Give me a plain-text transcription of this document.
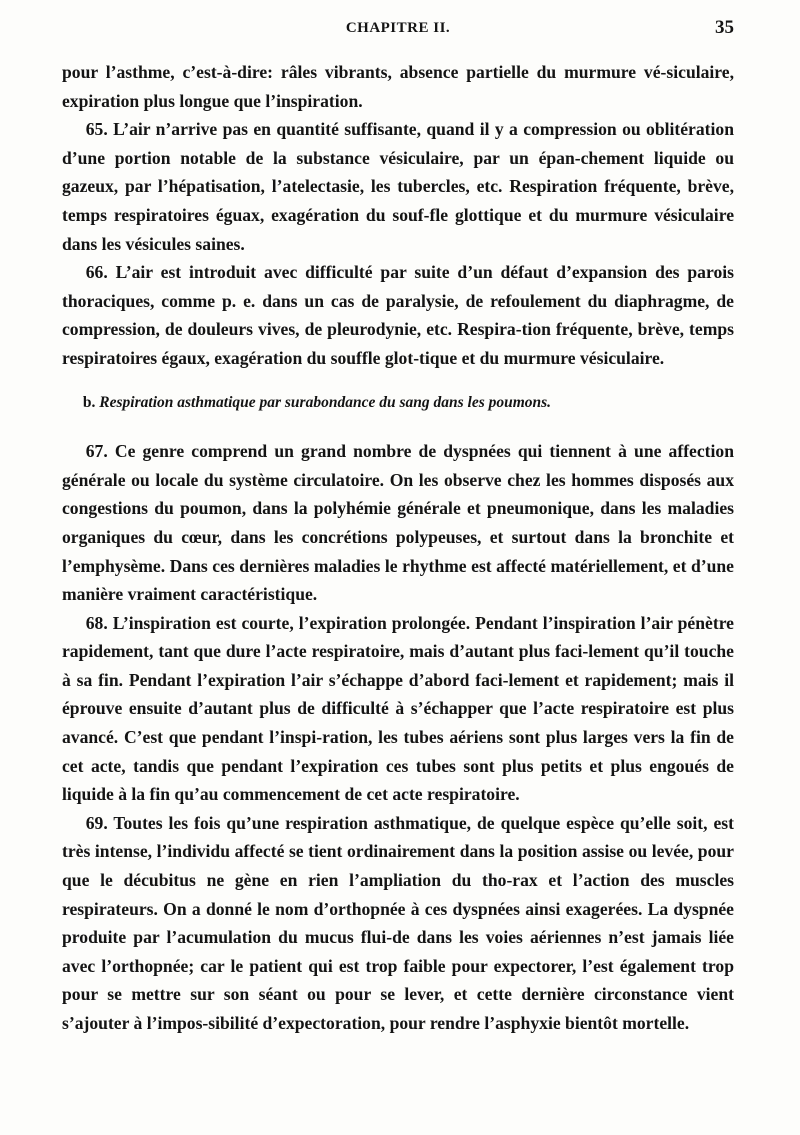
CHAPITRE II.	35

pour l’asthme, c’est-à-dire: râles vibrants, absence partielle du murmure vé-siculaire, expiration plus longue que l’inspiration.

65. L’air n’arrive pas en quantité suffisante, quand il y a compression ou oblitération d’une portion notable de la substance vésiculaire, par un épan-chement liquide ou gazeux, par l’hépatisation, l’atelectasie, les tubercles, etc. Respiration fréquente, brève, temps respiratoires éguax, exagération du souf-fle glottique et du murmure vésiculaire dans les vésicules saines.

66. L’air est introduit avec difficulté par suite d’un défaut d’expansion des parois thoraciques, comme p. e. dans un cas de paralysie, de refoulement du diaphragme, de compression, de douleurs vives, de pleurodynie, etc. Respira-tion fréquente, brève, temps respiratoires égaux, exagération du souffle glot-tique et du murmure vésiculaire.

b. Respiration asthmatique par surabondance du sang dans les poumons.

67. Ce genre comprend un grand nombre de dyspnées qui tiennent à une affection générale ou locale du système circulatoire. On les observe chez les hommes disposés aux congestions du poumon, dans la polyhémie générale et pneumonique, dans les maladies organiques du cœur, dans les concrétions polypeuses, et surtout dans la bronchite et l’emphysème. Dans ces dernières maladies le rhythme est affecté matériellement, et d’une manière vraiment caractéristique.

68. L’inspiration est courte, l’expiration prolongée. Pendant l’inspiration l’air pénètre rapidement, tant que dure l’acte respiratoire, mais d’autant plus faci-lement qu’il touche à sa fin. Pendant l’expiration l’air s’échappe d’abord faci-lement et rapidement; mais il éprouve ensuite d’autant plus de difficulté à s’échapper que l’acte respiratoire est plus avancé. C’est que pendant l’inspi-ration, les tubes aériens sont plus larges vers la fin de cet acte, tandis que pendant l’expiration ces tubes sont plus petits et plus engoués de liquide à la fin qu’au commencement de cet acte respiratoire.

69. Toutes les fois qu’une respiration asthmatique, de quelque espèce qu’elle soit, est très intense, l’individu affecté se tient ordinairement dans la position assise ou levée, pour que le décubitus ne gène en rien l’ampliation du tho-rax et l’action des muscles respirateurs. On a donné le nom d’orthopnée à ces dyspnées ainsi exagerées. La dyspnée produite par l’acumulation du mucus flui-de dans les voies aériennes n’est jamais liée avec l’orthopnée; car le patient qui est trop faible pour expectorer, l’est également trop pour se mettre sur son séant ou pour se lever, et cette dernière circonstance vient s’ajouter à l’impos-sibilité d’expectoration, pour rendre l’asphyxie bientôt mortelle.
